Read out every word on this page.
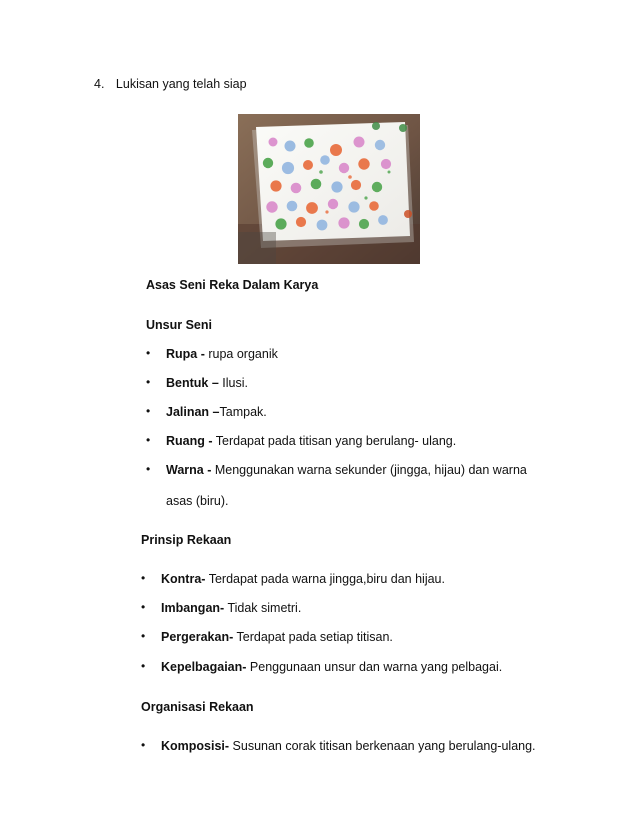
4. Lukisan yang telah siap
Asas Seni Reka Dalam Karya
Unsur Seni
•	Rupa - rupa organik
•	Bentuk – Ilusi.
•	Jalinan –Tampak.
•	Ruang - Terdapat pada titisan yang berulang- ulang.
•	Warna - Menggunakan warna sekunder (jingga, hijau) dan warna
asas (biru).
Prinsip Rekaan
•	Kontra- Terdapat pada warna jingga,biru dan hijau.
•	Imbangan- Tidak simetri.
•	Pergerakan- Terdapat pada setiap titisan.
•	Kepelbagaian- Penggunaan unsur dan warna yang pelbagai.
Organisasi Rekaan
•	Komposisi- Susunan corak titisan berkenaan yang berulang-ulang.
